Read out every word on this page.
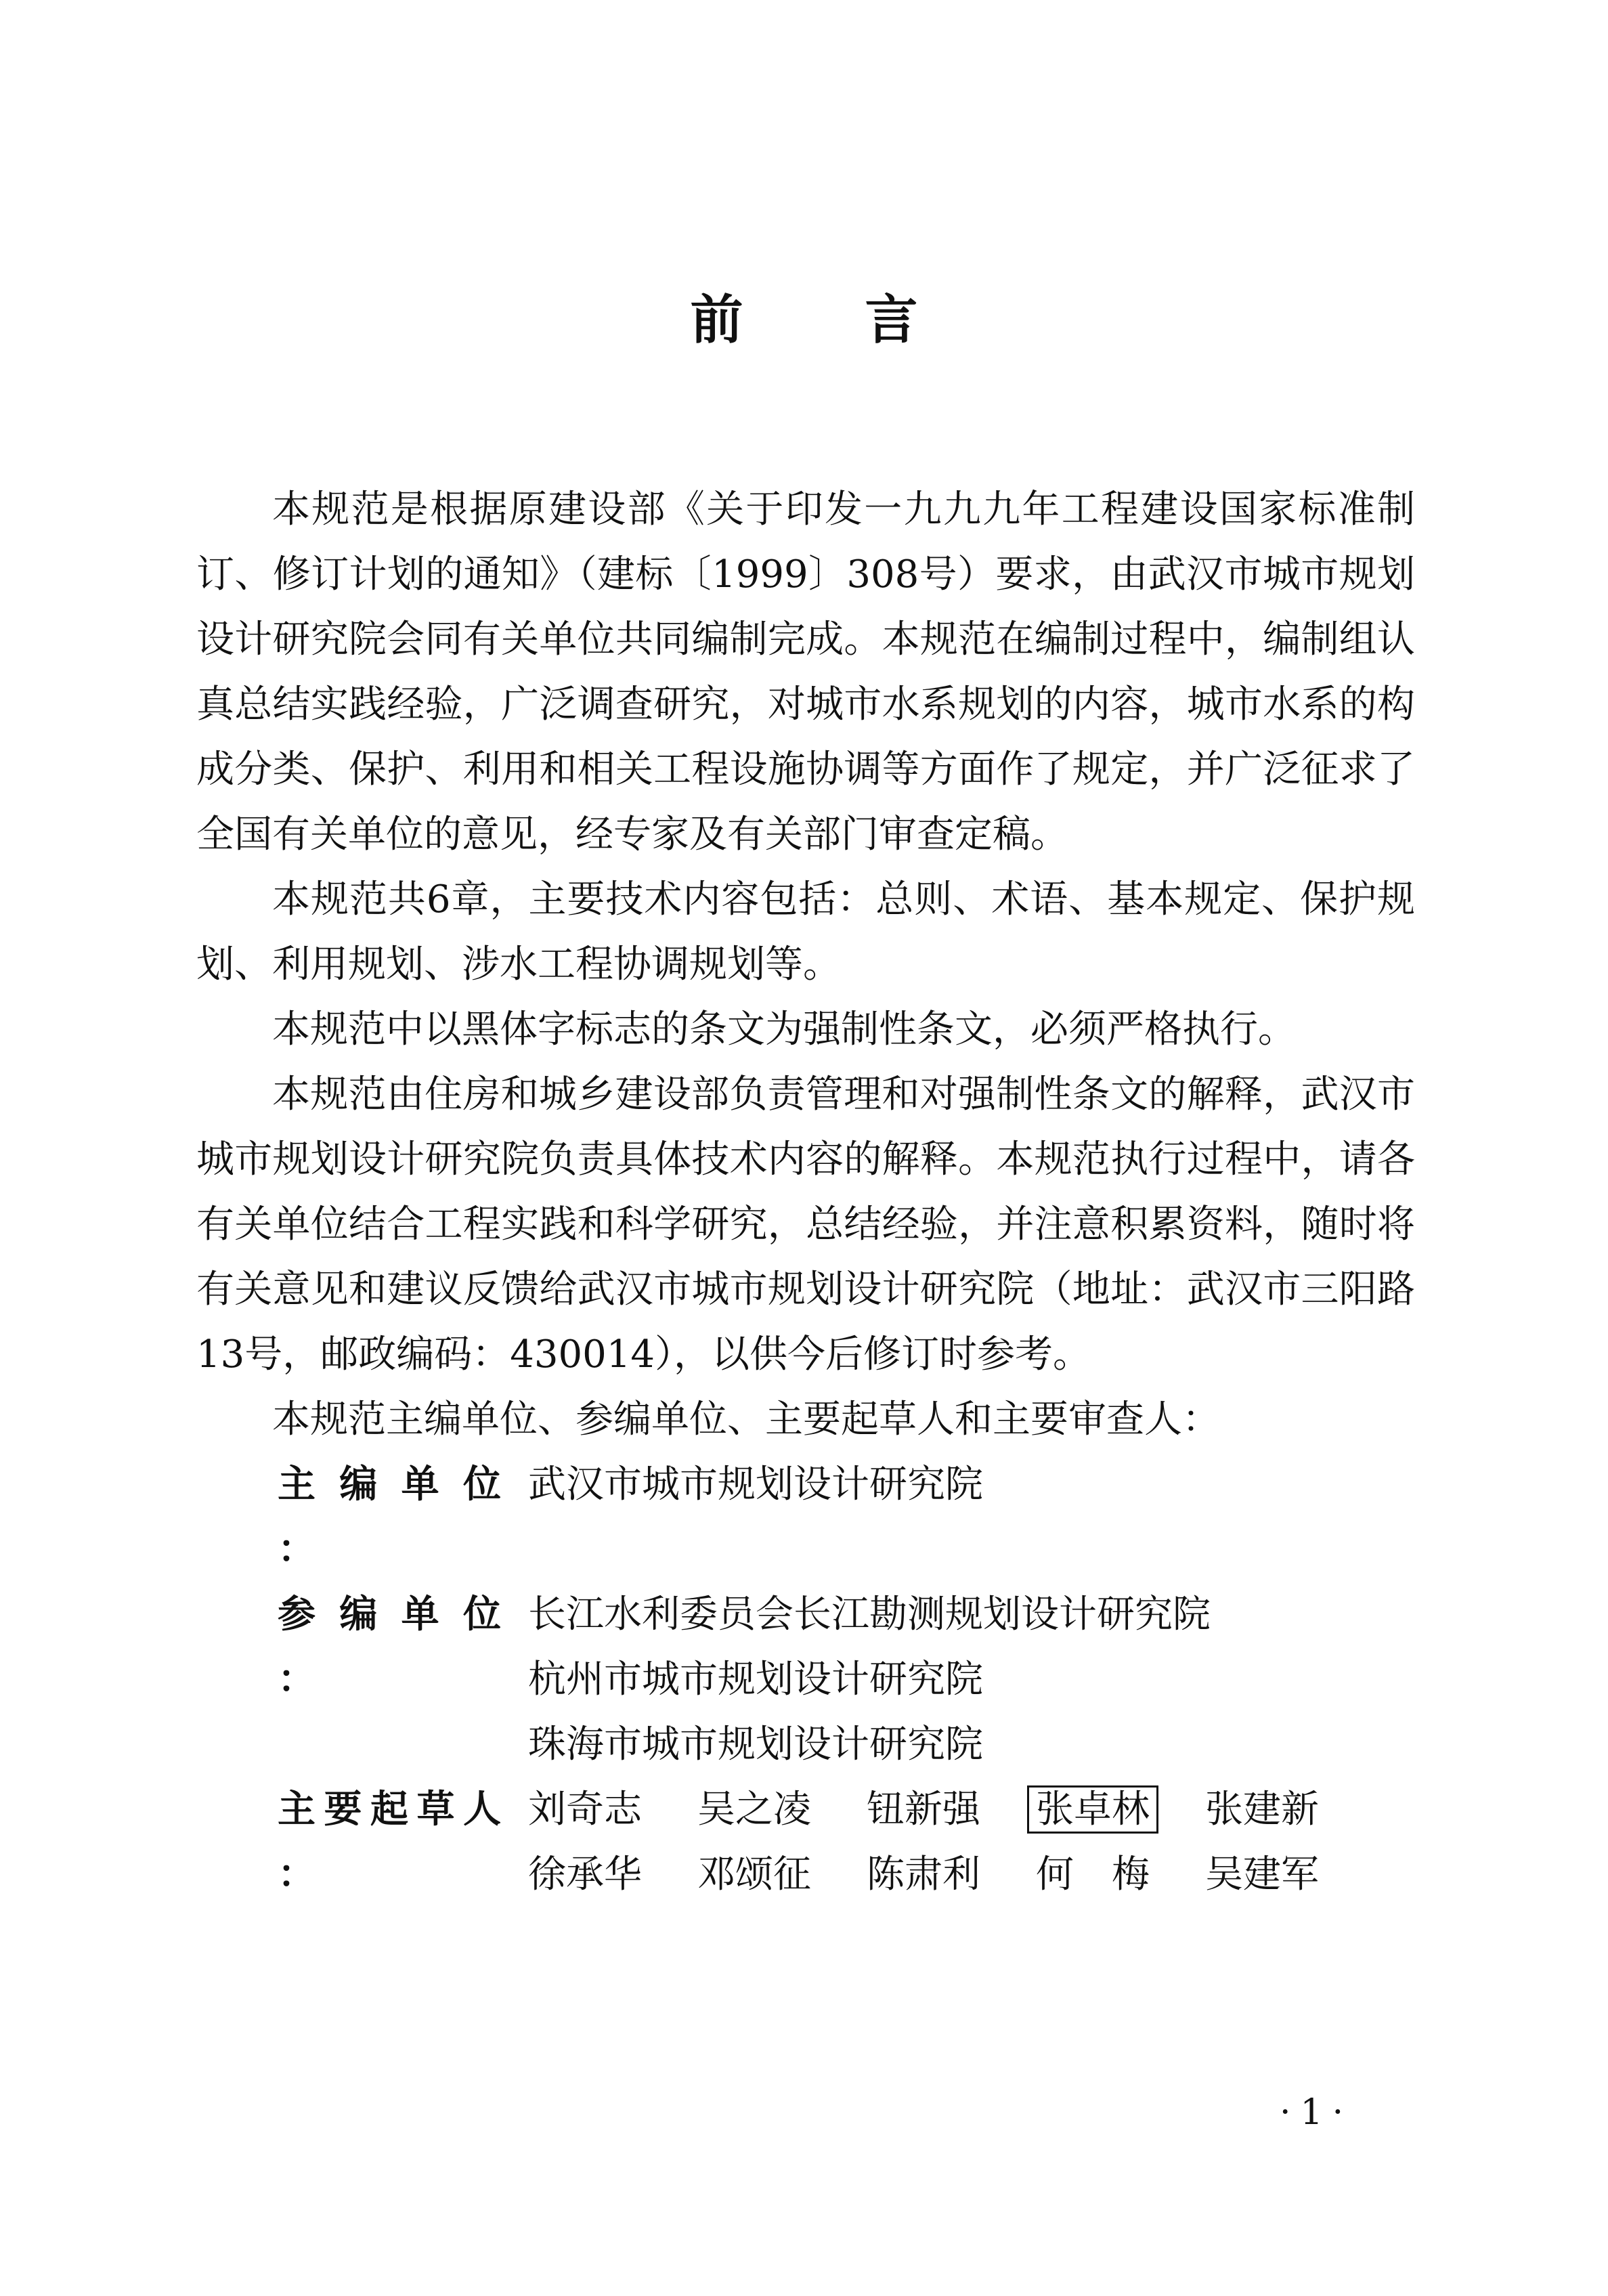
前言

本规范是根据原建设部《关于印发一九九九年工程建设国家标准制订、修订计划的通知》（建标〔1999〕308号）要求，由武汉市城市规划设计研究院会同有关单位共同编制完成。本规范在编制过程中，编制组认真总结实践经验，广泛调查研究，对城市水系规划的内容，城市水系的构成分类、保护、利用和相关工程设施协调等方面作了规定，并广泛征求了全国有关单位的意见，经专家及有关部门审查定稿。

本规范共6章，主要技术内容包括：总则、术语、基本规定、保护规划、利用规划、涉水工程协调规划等。

本规范中以黑体字标志的条文为强制性条文，必须严格执行。

本规范由住房和城乡建设部负责管理和对强制性条文的解释，武汉市城市规划设计研究院负责具体技术内容的解释。本规范执行过程中，请各有关单位结合工程实践和科学研究，总结经验，并注意积累资料，随时将有关意见和建议反馈给武汉市城市规划设计研究院（地址：武汉市三阳路13号，邮政编码：430014），以供今后修订时参考。

本规范主编单位、参编单位、主要起草人和主要审查人：

主编单位：
武汉市城市规划设计研究院
参编单位：
长江水利委员会长江勘测规划设计研究院
杭州市城市规划设计研究院
珠海市城市规划设计研究院
主要起草人：
刘奇志	吴之凌	钮新强	张卓林	张建新
徐承华	邓颂征	陈肃利	何　梅	吴建军
·1·
